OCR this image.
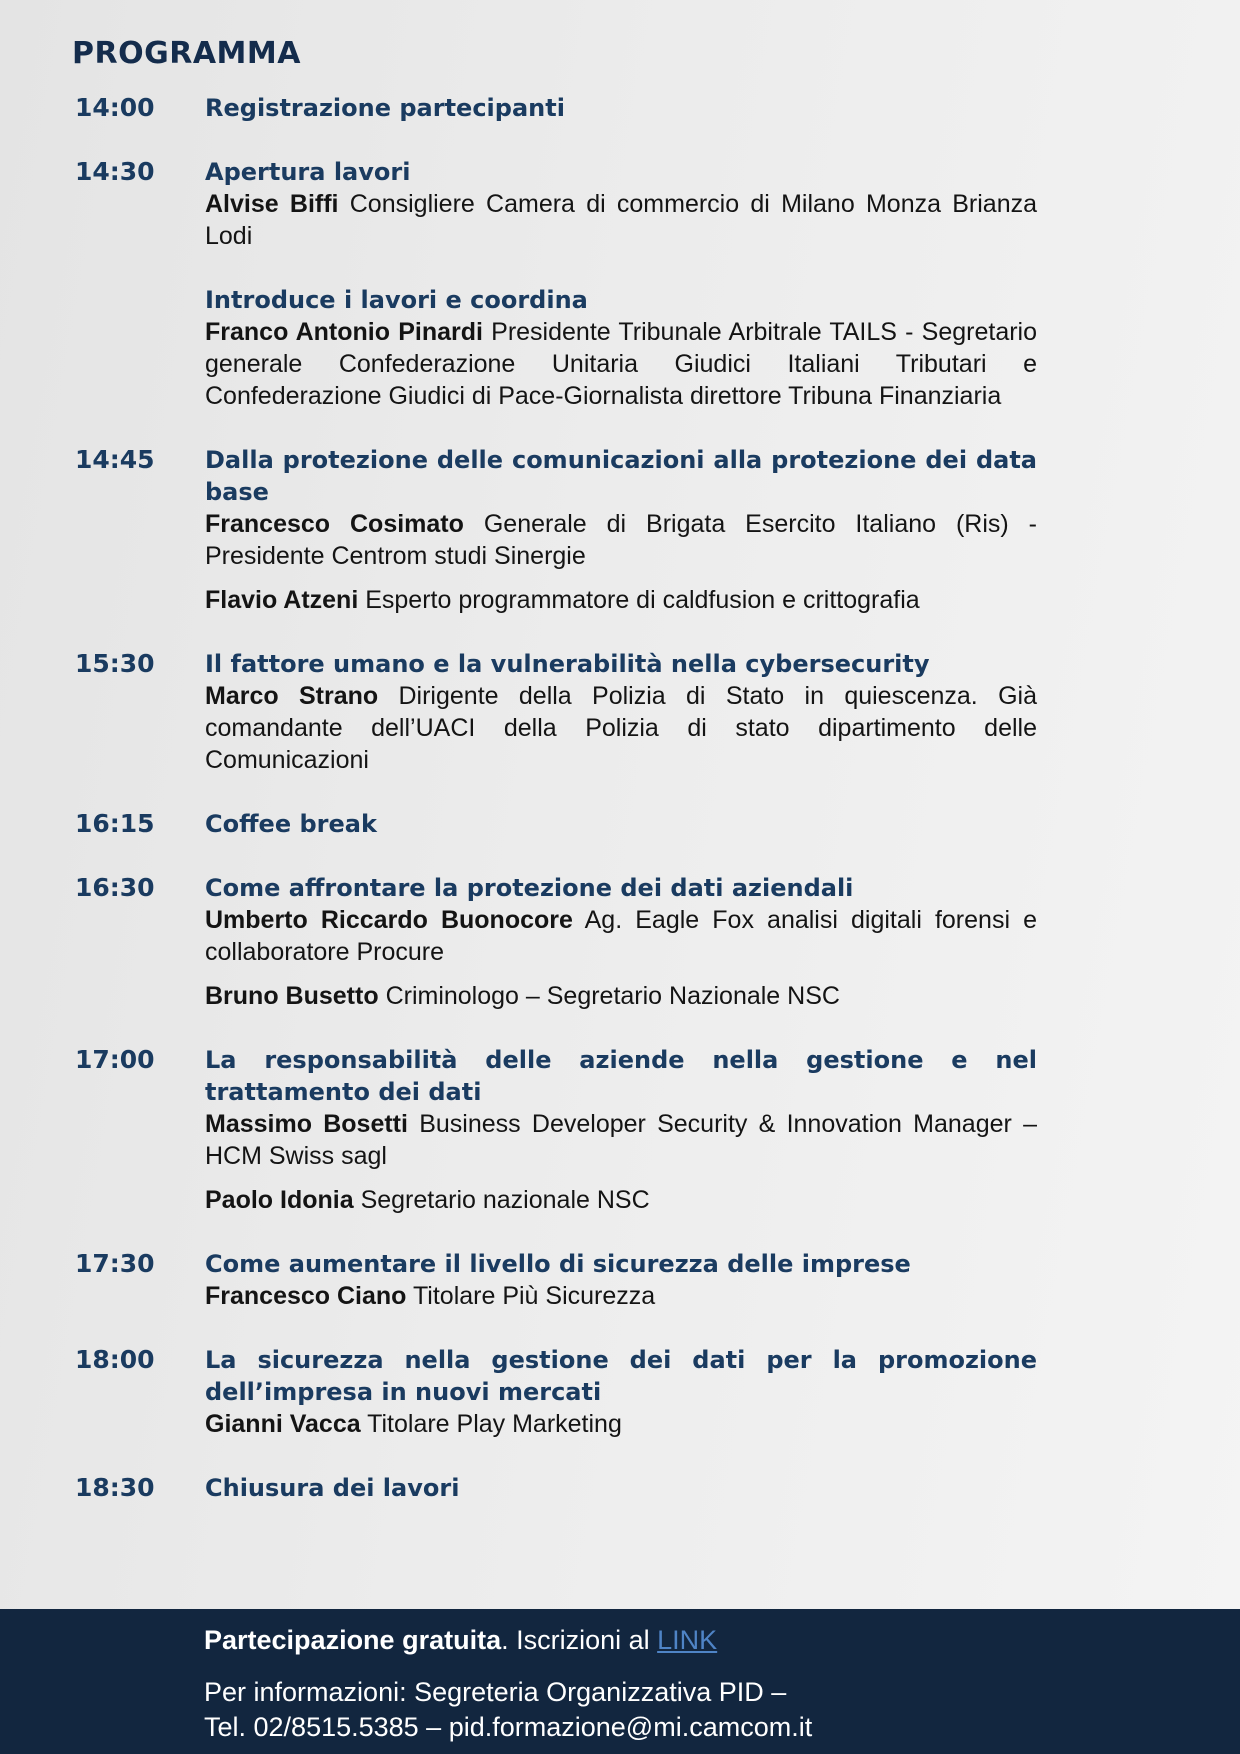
PROGRAMMA
14:00	Registrazione partecipanti
14:30	Apertura lavori
Alvise Biffi Consigliere Camera di commercio di Milano Monza Brianza Lodi
Introduce i lavori e coordina
Franco Antonio Pinardi Presidente Tribunale Arbitrale TAILS - Segretario generale Confederazione Unitaria Giudici Italiani Tributari e Confederazione Giudici di Pace-Giornalista direttore Tribuna Finanziaria
14:45	Dalla protezione delle comunicazioni alla protezione dei data base
Francesco Cosimato Generale di Brigata Esercito Italiano (Ris) - Presidente Centrom studi Sinergie
Flavio Atzeni Esperto programmatore di caldfusion e crittografia
15:30	Il fattore umano e la vulnerabilità nella cybersecurity
Marco Strano Dirigente della Polizia di Stato in quiescenza. Già comandante dell’UACI della Polizia di stato dipartimento delle Comunicazioni
16:15	Coffee break
16:30	Come affrontare la protezione dei dati aziendali
Umberto Riccardo Buonocore Ag. Eagle Fox analisi digitali forensi e collaboratore Procure
Bruno Busetto Criminologo – Segretario Nazionale NSC
17:00	La responsabilità delle aziende nella gestione e nel trattamento dei dati
Massimo Bosetti Business Developer Security & Innovation Manager – HCM Swiss sagl
Paolo Idonia Segretario nazionale NSC
17:30	Come aumentare il livello di sicurezza delle imprese
Francesco Ciano Titolare Più Sicurezza
18:00	La sicurezza nella gestione dei dati per la promozione dell’impresa in nuovi mercati
Gianni Vacca Titolare Play Marketing
18:30	Chiusura dei lavori
Partecipazione gratuita. Iscrizioni al LINK
Per informazioni: Segreteria Organizzativa PID –
Tel. 02/8515.5385 – pid.formazione@mi.camcom.it
